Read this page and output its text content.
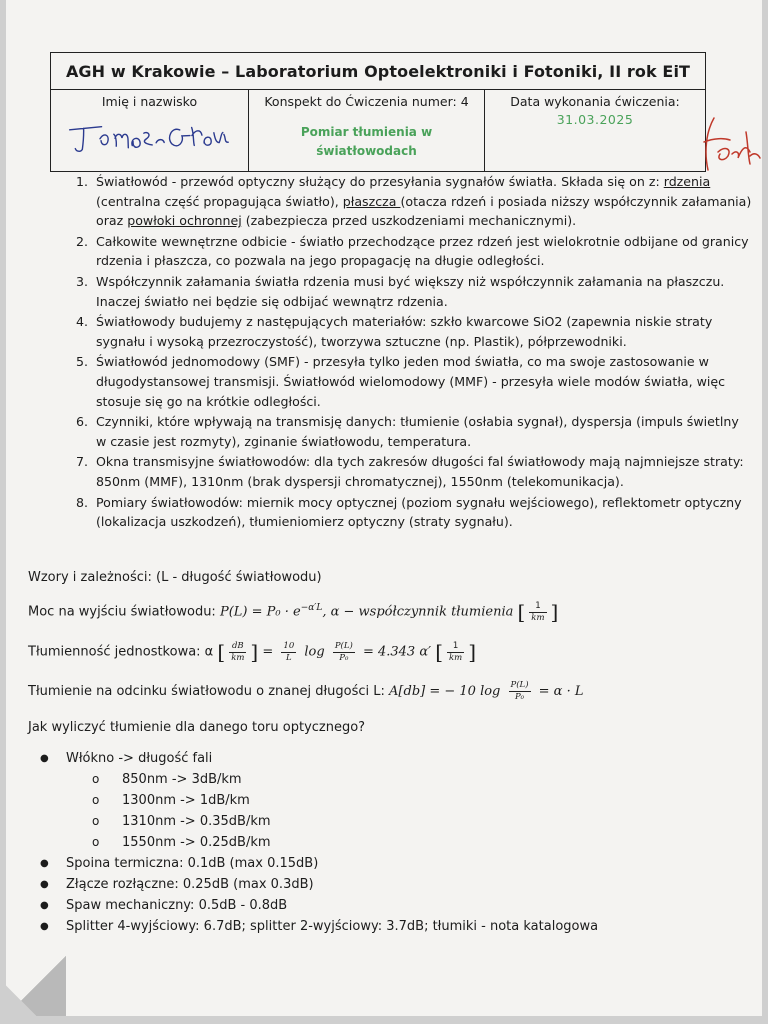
AGH w Krakowie – Laboratorium Optoelektroniki i Fotoniki, II rok EiT

Imię i nazwisko	Konspekt do Ćwiczenia numer: 4
Pomiar tłumienia w
światłowodach

Data wykonania ćwiczenia:
31.03.2025
1. Światłowód - przewód optyczny służący do przesyłania sygnałów światła. Składa się on z: rdzenia (centralna część propagująca światło), płaszcza (otacza rdzeń i posiada niższy współczynnik załamania) oraz powłoki ochronnej (zabezpiecza przed uszkodzeniami mechanicznymi).
2. Całkowite wewnętrzne odbicie - światło przechodzące przez rdzeń jest wielokrotnie odbijane od granicy rdzenia i płaszcza, co pozwala na jego propagację na długie odległości.
3. Współczynnik załamania światła rdzenia musi być większy niż współczynnik załamania na płaszczu. Inaczej światło nei będzie się odbijać wewnątrz rdzenia.
4. Światłowody budujemy z następujących materiałów: szkło kwarcowe SiO2 (zapewnia niskie straty sygnału i wysoką przezroczystość), tworzywa sztuczne (np. Plastik), półprzewodniki.
5. Światłowód jednomodowy (SMF) - przesyła tylko jeden mod światła, co ma swoje zastosowanie w długodystansowej transmisji. Światłowód wielomodowy (MMF) - przesyła wiele modów światła, więc stosuje się go na krótkie odległości.
6. Czynniki, które wpływają na transmisję danych: tłumienie (osłabia sygnał), dyspersja (impuls świetlny w czasie jest rozmyty), zginanie światłowodu, temperatura.
7. Okna transmisyjne światłowodów: dla tych zakresów długości fal światłowody mają najmniejsze straty: 850nm (MMF), 1310nm (brak dyspersji chromatycznej), 1550nm (telekomunikacja).
8. Pomiary światłowodów: miernik mocy optycznej (poziom sygnału wejściowego), reflektometr optyczny (lokalizacja uszkodzeń), tłumieniomierz optyczny (straty sygnału).
Wzory i zależności: (L - długość światłowodu)
Moc na wyjściu światłowodu: $P(L) = P_0 \cdot e^{-\alpha'L}$, α − współczynnik tłumienia [ $\frac{1}{km}$ ]
Tłumienność jednostkowa: α [ $\frac{dB}{km}$ ] = $\frac{10}{L}$ $\log \frac{P(L)}{\text{P₀}} = 4.343$ α′ [ $\frac{1}{km}$ ]
Tłumienie na odcinku światłowodu o znanej długości L: A[db] = − 10 $\log \frac{P(L)}{\text{P₀}} = \alpha \cdot L$
Jak wyliczyć tłumienie dla danego toru optycznego?
● Włókno -> długość fali
o 850nm -> 3dB/km
o 1300nm -> 1dB/km
o 1310nm -> 0.35dB/km
o 1550nm -> 0.25dB/km
● Spoina termiczna: 0.1dB (max 0.15dB)
● Złącze rozłączne: 0.25dB (max 0.3dB)
● Spaw mechaniczny: 0.5dB - 0.8dB
● Splitter 4-wyjściowy: 6.7dB; splitter 2-wyjściowy: 3.7dB; tłumiki - nota katalogowa
